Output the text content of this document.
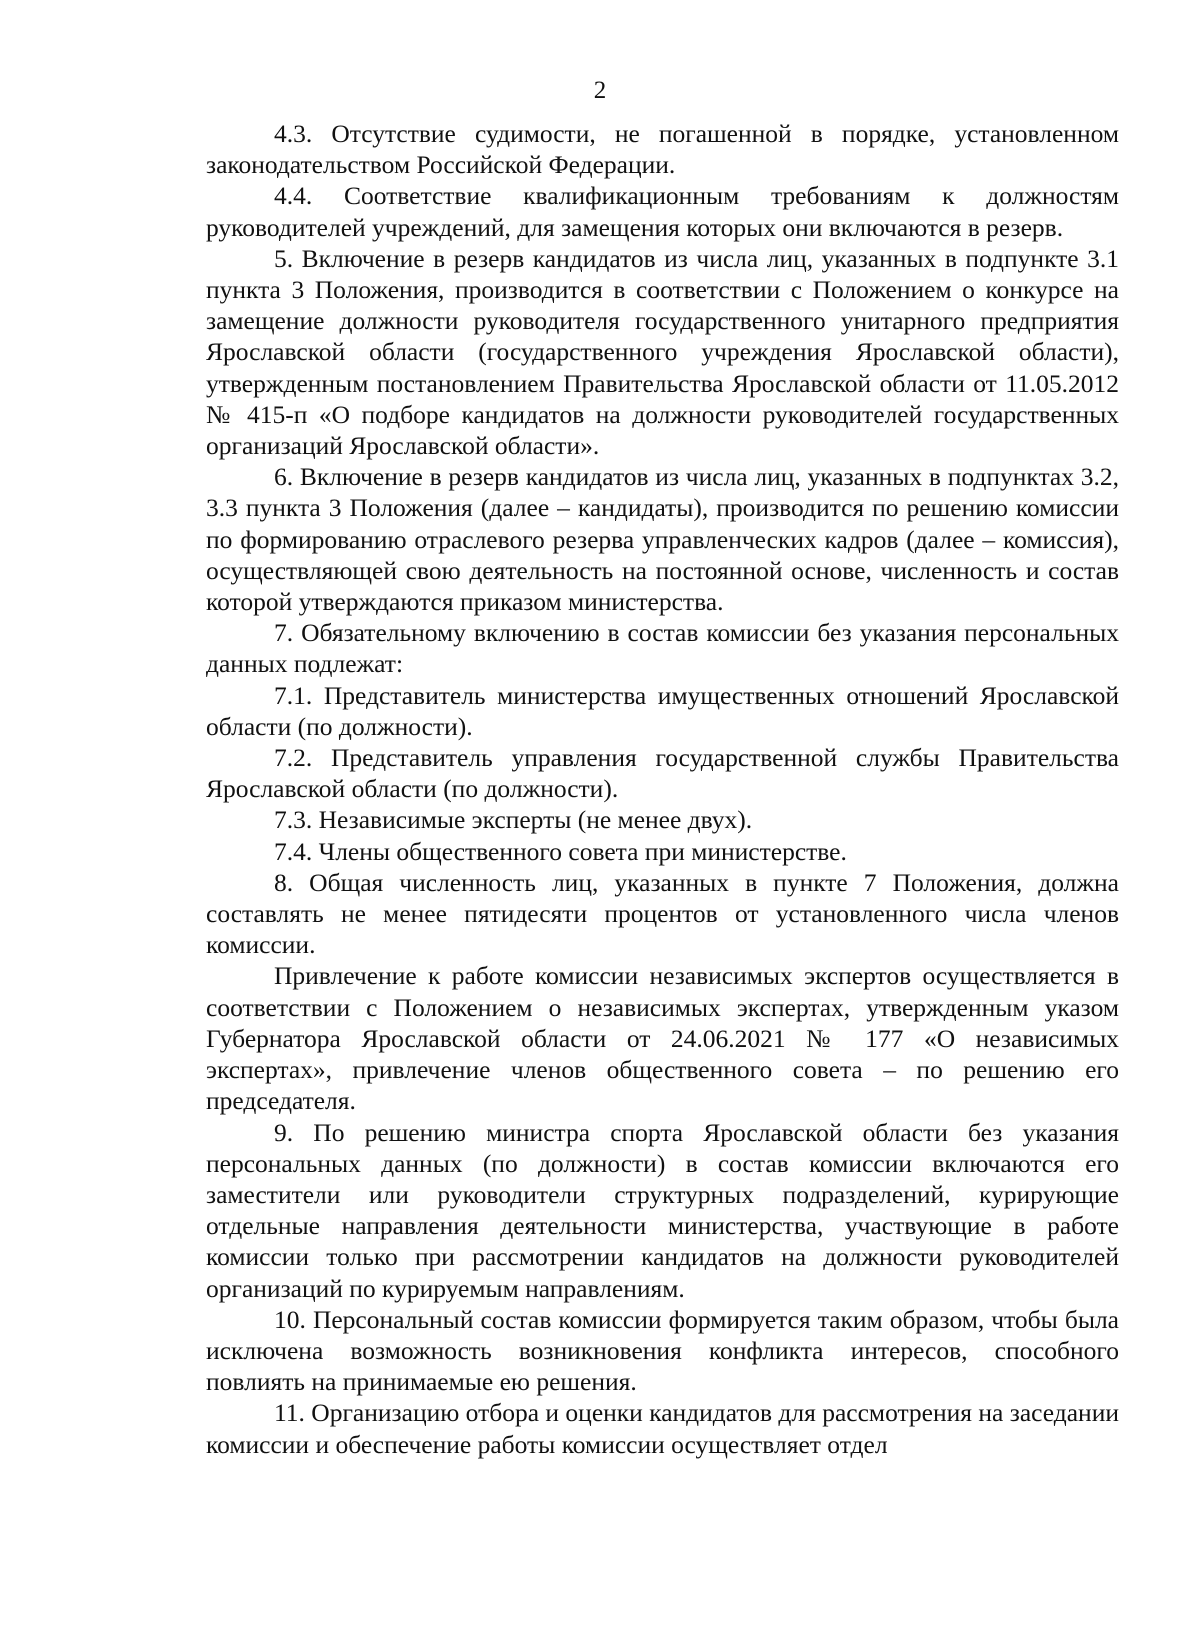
2

4.3. Отсутствие судимости, не погашенной в порядке, установленном законодательством Российской Федерации.

4.4. Соответствие квалификационным требованиям к должностям руководителей учреждений, для замещения которых они включаются в резерв.

5. Включение в резерв кандидатов из числа лиц, указанных в подпункте 3.1 пункта 3 Положения, производится в соответствии с Положением о конкурсе на замещение должности руководителя государственного унитарного предприятия Ярославской области (государственного учреждения Ярославской области), утвержденным постановлением Правительства Ярославской области от 11.05.2012 № 415-п «О подборе кандидатов на должности руководителей государственных организаций Ярославской области».

6. Включение в резерв кандидатов из числа лиц, указанных в подпунктах 3.2, 3.3 пункта 3 Положения (далее – кандидаты), производится по решению комиссии по формированию отраслевого резерва управленческих кадров (далее – комиссия), осуществляющей свою деятельность на постоянной основе, численность и состав которой утверждаются приказом министерства.

7. Обязательному включению в состав комиссии без указания персональных данных подлежат:

7.1. Представитель министерства имущественных отношений Ярославской области (по должности).

7.2. Представитель управления государственной службы Правительства Ярославской области (по должности).

7.3. Независимые эксперты (не менее двух).

7.4. Члены общественного совета при министерстве.

8. Общая численность лиц, указанных в пункте 7 Положения, должна составлять не менее пятидесяти процентов от установленного числа членов комиссии.

Привлечение к работе комиссии независимых экспертов осуществляется в соответствии с Положением о независимых экспертах, утвержденным указом Губернатора Ярославской области от 24.06.2021 № 177 «О независимых экспертах», привлечение членов общественного совета – по решению его председателя.

9. По решению министра спорта Ярославской области без указания персональных данных (по должности) в состав комиссии включаются его заместители или руководители структурных подразделений, курирующие отдельные направления деятельности министерства, участвующие в работе комиссии только при рассмотрении кандидатов на должности руководителей организаций по курируемым направлениям.

10. Персональный состав комиссии формируется таким образом, чтобы была исключена возможность возникновения конфликта интересов, способного повлиять на принимаемые ею решения.

11. Организацию отбора и оценки кандидатов для рассмотрения на заседании комиссии и обеспечение работы комиссии осуществляет отдел
